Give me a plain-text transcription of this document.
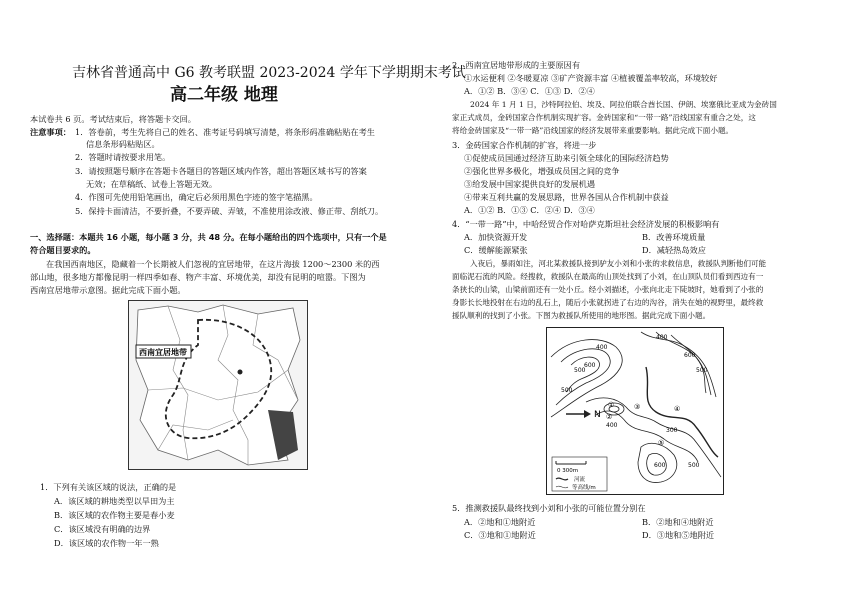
吉林省普通高中 G6 教考联盟 2023-2024 学年下学期期末考试
高二年级 地理
本试卷共 6 页。考试结束后，将答题卡交回。
注意事项： 1．答卷前，考生先将自己的姓名、准考证号码填写清楚，将条形码准确粘贴在考生
信息条形码粘贴区。
2．答题时请按要求用笔。
3．请按照题号顺序在答题卡各题目的答题区域内作答，超出答题区域书写的答案
无效；在草稿纸、试卷上答题无效。
4．作图可先使用铅笔画出，确定后必须用黑色字迹的签字笔描黑。
5．保持卡面清洁，不要折叠，不要弄破、弄皱，不准使用涂改液、修正带、刮纸刀。
一、选择题：本题共 16 小题，每小题 3 分，共 48 分。在每小题给出的四个选项中，只有一个是
符合题目要求的。
在我国西南地区，隐藏着一个长期被人们忽视的宜居地带，在这片海拔 1200～2300 米的西
部山地，很多地方都像昆明一样四季如春、物产丰富、环境优美，却没有昆明的喧嚣。下图为
西南宜居地带示意图。据此完成下面小题。
西南宜居地带
1．下列有关该区域的说法，正确的是
A．该区域的耕地类型以旱田为主
B．该区域的农作物主要是春小麦
C．该区域没有明确的边界
D．该区域的农作物一年一熟
2．西南宜居地带形成的主要原因有
①水运便利 ②冬暖夏凉 ③矿产资源丰富 ④植被覆盖率较高，环境较好
A．①② B．③④ C．①③ D．②④
2024 年 1 月 1 日，沙特阿拉伯、埃及、阿拉伯联合酋长国、伊朗、埃塞俄比亚成为金砖国
家正式成员，金砖国家合作机制实现扩容。金砖国家和“一带一路”沿线国家有重合之处，这
将给金砖国家及“一带一路”沿线国家的经济发展带来重要影响。据此完成下面小题。
3．金砖国家合作机制的扩容，将进一步
①促使成员国通过经济互助来引领全球化的国际经济趋势
②强化世界多极化，增强成员国之间的竞争
③给发展中国家提供良好的发展机遇
④带来互利共赢的发展思路，世界各国从合作机制中获益
A．①② B．①③ C．②④ D．③④
4．“一带一路”中，中哈经贸合作对哈萨克斯坦社会经济发展的积极影响有
A．加快资源开发	B．改善环境质量
C．缓解能源紧张	D．减轻热岛效应
入夜后，暴雨如注，河北某救援队接到驴友小刘和小张的求救信息，救援队判断他们可能
面临泥石流的风险。经搜救，救援队在最高的山顶处找到了小刘，在山顶队员们看到西边有一
条狭长的山梁，山梁前面还有一处小丘。经小刘描述，小张向北走下陡坡时，她看到了小张的
身影长长地投射在右边的乱石上，随后小张就拐进了右边的沟谷，消失在她的视野里，最终救
援队顺利的找到了小张。下图为救援队所使用的地形图。据此完成下面小题。
N
400
500
600
500
400
600
500
400
300
500
600
①
②
③	④
⑤
0 300m
河流
等高线/m
5．推测救援队最终找到小刘和小张的可能位置分别在
A．②地和①地附近	B．②地和④地附近
C．③地和①地附近	D．③地和⑤地附近
